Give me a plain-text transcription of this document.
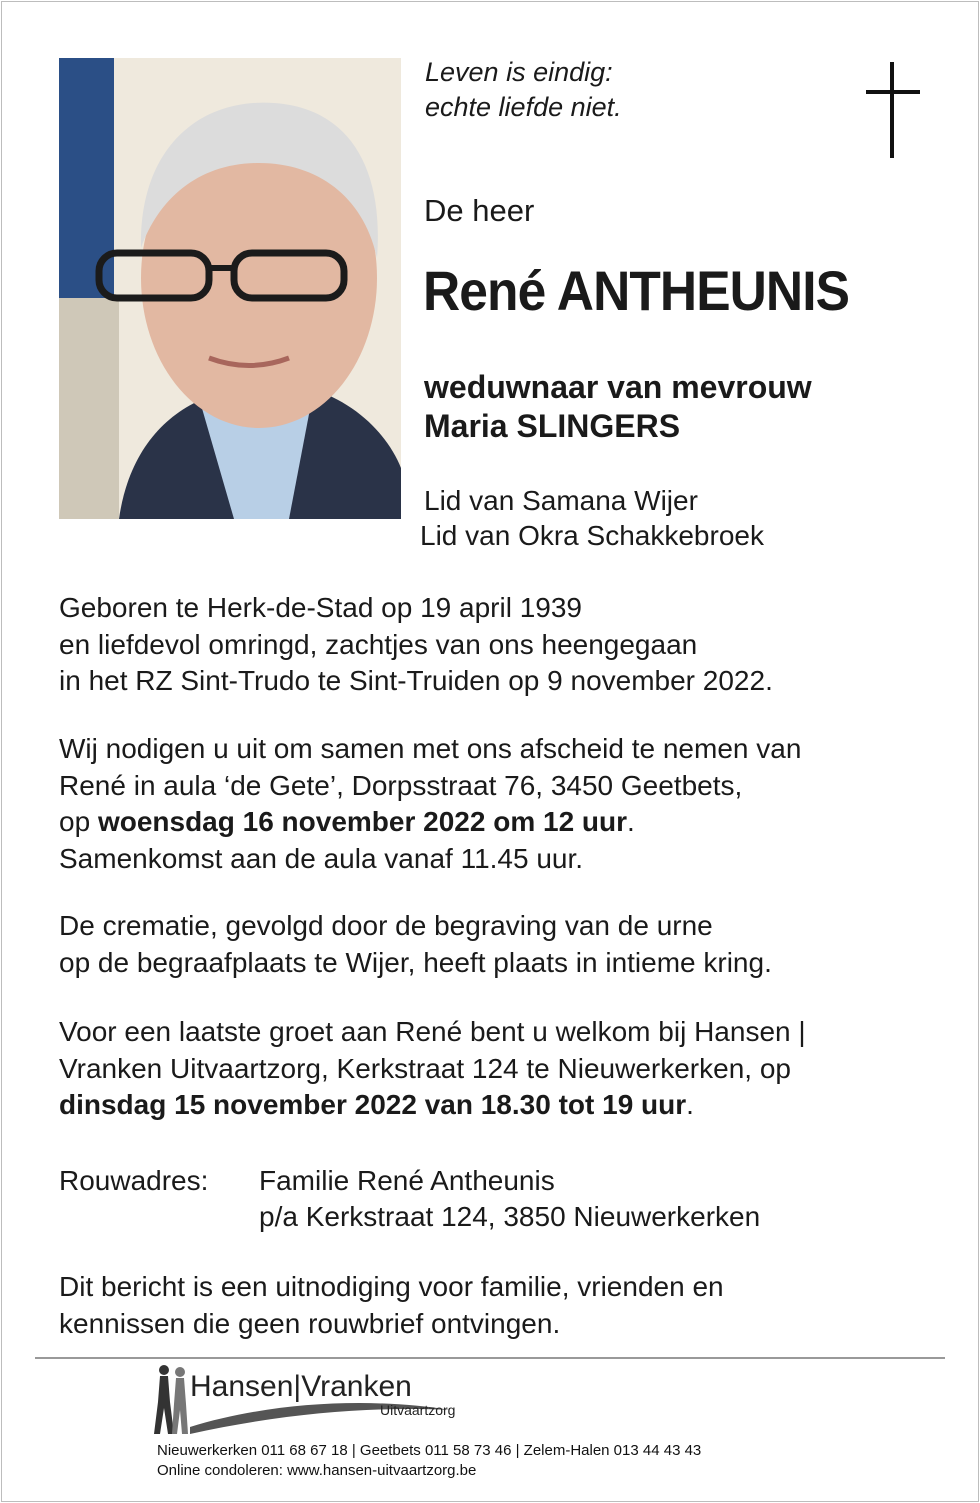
Leven is eindig:
echte liefde niet.
De heer
René ANTHEUNIS
weduwnaar van mevrouw
Maria SLINGERS
Lid van Samana Wijer
Lid van Okra Schakkebroek
Geboren te Herk-de-Stad op 19 april 1939
en liefdevol omringd, zachtjes van ons heengegaan
in het RZ Sint-Trudo te Sint-Truiden op 9 november 2022.
Wij nodigen u uit om samen met ons afscheid te nemen van
René in aula ‘de Gete’, Dorpsstraat 76, 3450 Geetbets,
op woensdag 16 november 2022 om 12 uur.
Samenkomst aan de aula vanaf 11.45 uur.
De crematie, gevolgd door de begraving van de urne
op de begraafplaats te Wijer, heeft plaats in intieme kring.
Voor een laatste groet aan René bent u welkom bij Hansen |
Vranken Uitvaartzorg, Kerkstraat 124 te Nieuwerkerken, op
dinsdag 15 november 2022 van 18.30 tot 19 uur.
Rouwadres: Familie René Antheunis
p/a Kerkstraat 124, 3850 Nieuwerkerken
Dit bericht is een uitnodiging voor familie, vrienden en
kennissen die geen rouwbrief ontvingen.
Hansen|Vranken
Uitvaartzorg
Nieuwerkerken 011 68 67 18 | Geetbets 011 58 73 46 | Zelem-Halen 013 44 43 43
Online condoleren: www.hansen-uitvaartzorg.be
